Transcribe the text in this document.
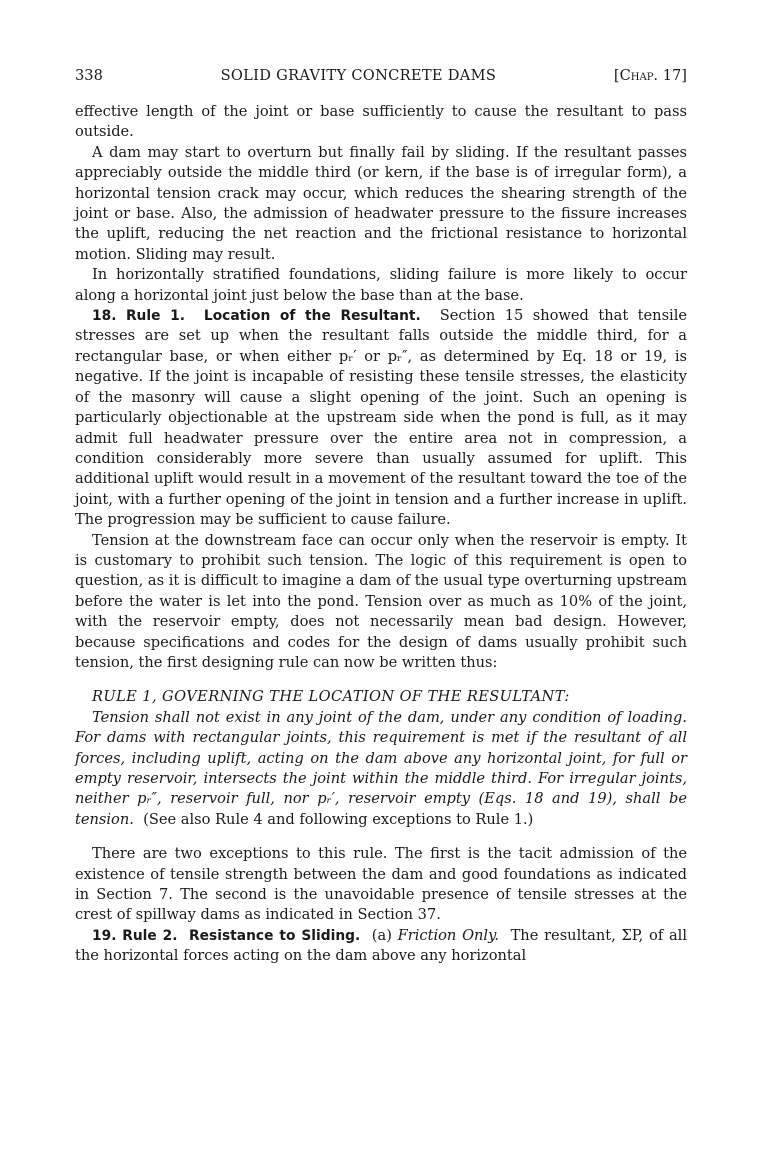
338	SOLID GRAVITY CONCRETE DAMS	[Chap. 17]

effective length of the joint or base sufficiently to cause the resultant to pass outside.

A dam may start to overturn but finally fail by sliding. If the resultant passes appreciably outside the middle third (or kern, if the base is of irregular form), a horizontal tension crack may occur, which reduces the shearing strength of the joint or base. Also, the admission of headwater pressure to the fissure increases the uplift, reducing the net reaction and the frictional resistance to horizontal motion. Sliding may result.

In horizontally stratified foundations, sliding failure is more likely to occur along a horizontal joint just below the base than at the base.

18. Rule 1. Location of the Resultant. Section 15 showed that tensile stresses are set up when the resultant falls outside the middle third, for a rectangular base, or when either pᵣ′ or pᵣ″, as determined by Eq. 18 or 19, is negative. If the joint is incapable of resisting these tensile stresses, the elasticity of the masonry will cause a slight opening of the joint. Such an opening is particularly objectionable at the upstream side when the pond is full, as it may admit full headwater pressure over the entire area not in compression, a condition considerably more severe than usually assumed for uplift. This additional uplift would result in a movement of the resultant toward the toe of the joint, with a further opening of the joint in tension and a further increase in uplift. The progression may be sufficient to cause failure.

Tension at the downstream face can occur only when the reservoir is empty. It is customary to prohibit such tension. The logic of this requirement is open to question, as it is difficult to imagine a dam of the usual type overturning upstream before the water is let into the pond. Tension over as much as 10% of the joint, with the reservoir empty, does not necessarily mean bad design. However, because specifications and codes for the design of dams usually prohibit such tension, the first designing rule can now be written thus:

RULE 1, GOVERNING THE LOCATION OF THE RESULTANT:

Tension shall not exist in any joint of the dam, under any condition of loading. For dams with rectangular joints, this requirement is met if the resultant of all forces, including uplift, acting on the dam above any horizontal joint, for full or empty reservoir, intersects the joint within the middle third. For irregular joints, neither pᵣ″, reservoir full, nor pᵣ′, reservoir empty (Eqs. 18 and 19), shall be tension. (See also Rule 4 and following exceptions to Rule 1.)

There are two exceptions to this rule. The first is the tacit admission of the existence of tensile strength between the dam and good foundations as indicated in Section 7. The second is the unavoidable presence of tensile stresses at the crest of spillway dams as indicated in Section 37.

19. Rule 2. Resistance to Sliding. (a) Friction Only. The resultant, ΣP, of all the horizontal forces acting on the dam above any horizontal
